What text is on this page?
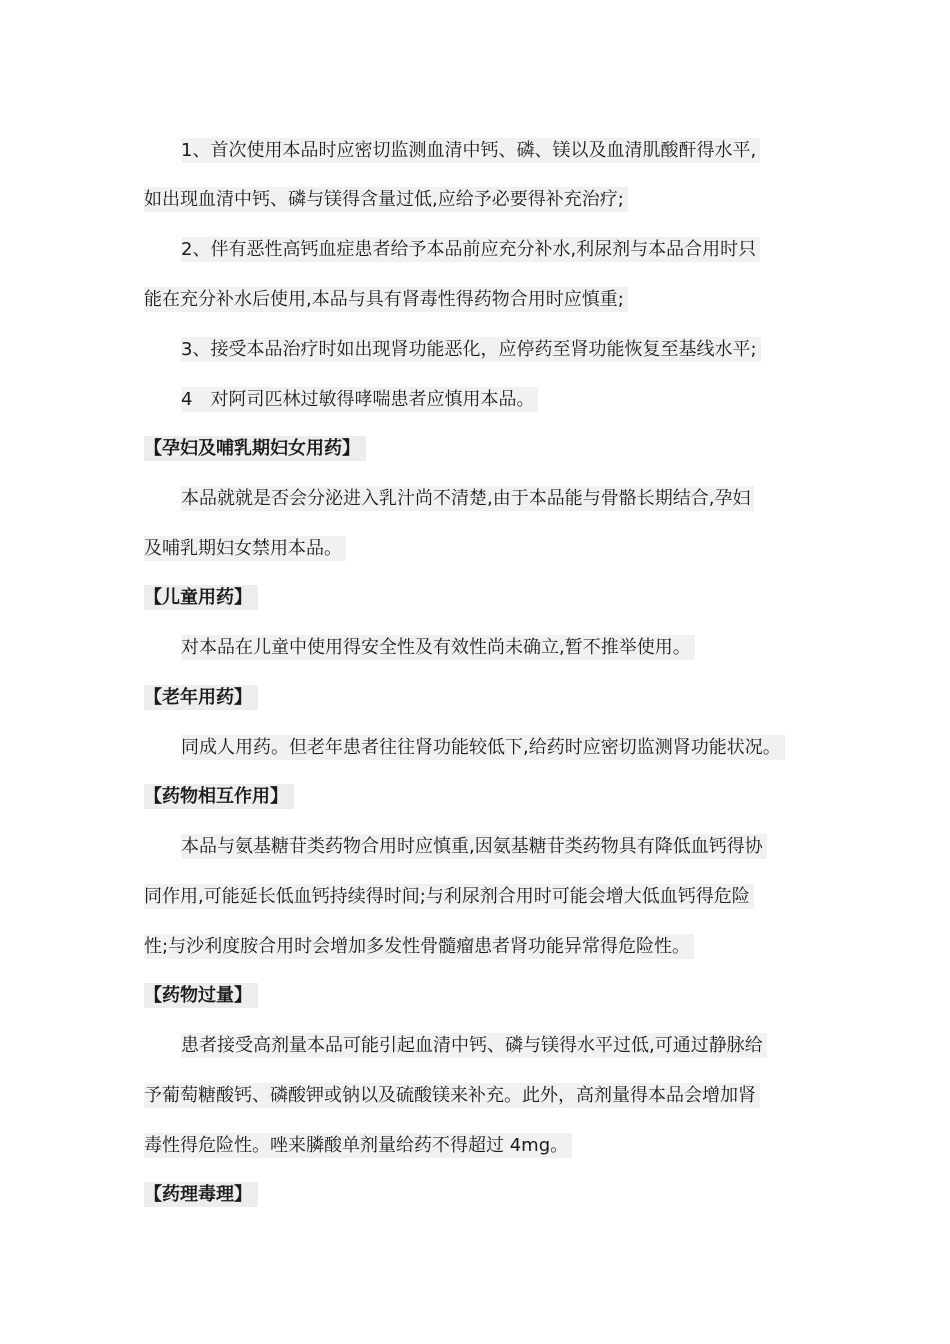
1、首次使用本品时应密切监测血清中钙、磷、镁以及血清肌酸酐得水平,
如出现血清中钙、磷与镁得含量过低,应给予必要得补充治疗;
2、伴有恶性高钙血症患者给予本品前应充分补水,利尿剂与本品合用时只
能在充分补水后使用,本品与具有肾毒性得药物合用时应慎重;
3、接受本品治疗时如出现肾功能恶化，应停药至肾功能恢复至基线水平;
4　对阿司匹林过敏得哮喘患者应慎用本品。
【孕妇及哺乳期妇女用药】
本品就就是否会分泌进入乳汁尚不清楚,由于本品能与骨骼长期结合,孕妇
及哺乳期妇女禁用本品。
【儿童用药】
对本品在儿童中使用得安全性及有效性尚未确立,暂不推举使用。
【老年用药】
同成人用药。但老年患者往往肾功能较低下,给药时应密切监测肾功能状况。
【药物相互作用】
本品与氨基糖苷类药物合用时应慎重,因氨基糖苷类药物具有降低血钙得协
同作用,可能延长低血钙持续得时间;与利尿剂合用时可能会增大低血钙得危险
性;与沙利度胺合用时会增加多发性骨髓瘤患者肾功能异常得危险性。
【药物过量】
患者接受高剂量本品可能引起血清中钙、磷与镁得水平过低,可通过静脉给
予葡萄糖酸钙、磷酸钾或钠以及硫酸镁来补充。此外，高剂量得本品会增加肾
毒性得危险性。唑来膦酸单剂量给药不得超过 4mg。
【药理毒理】
